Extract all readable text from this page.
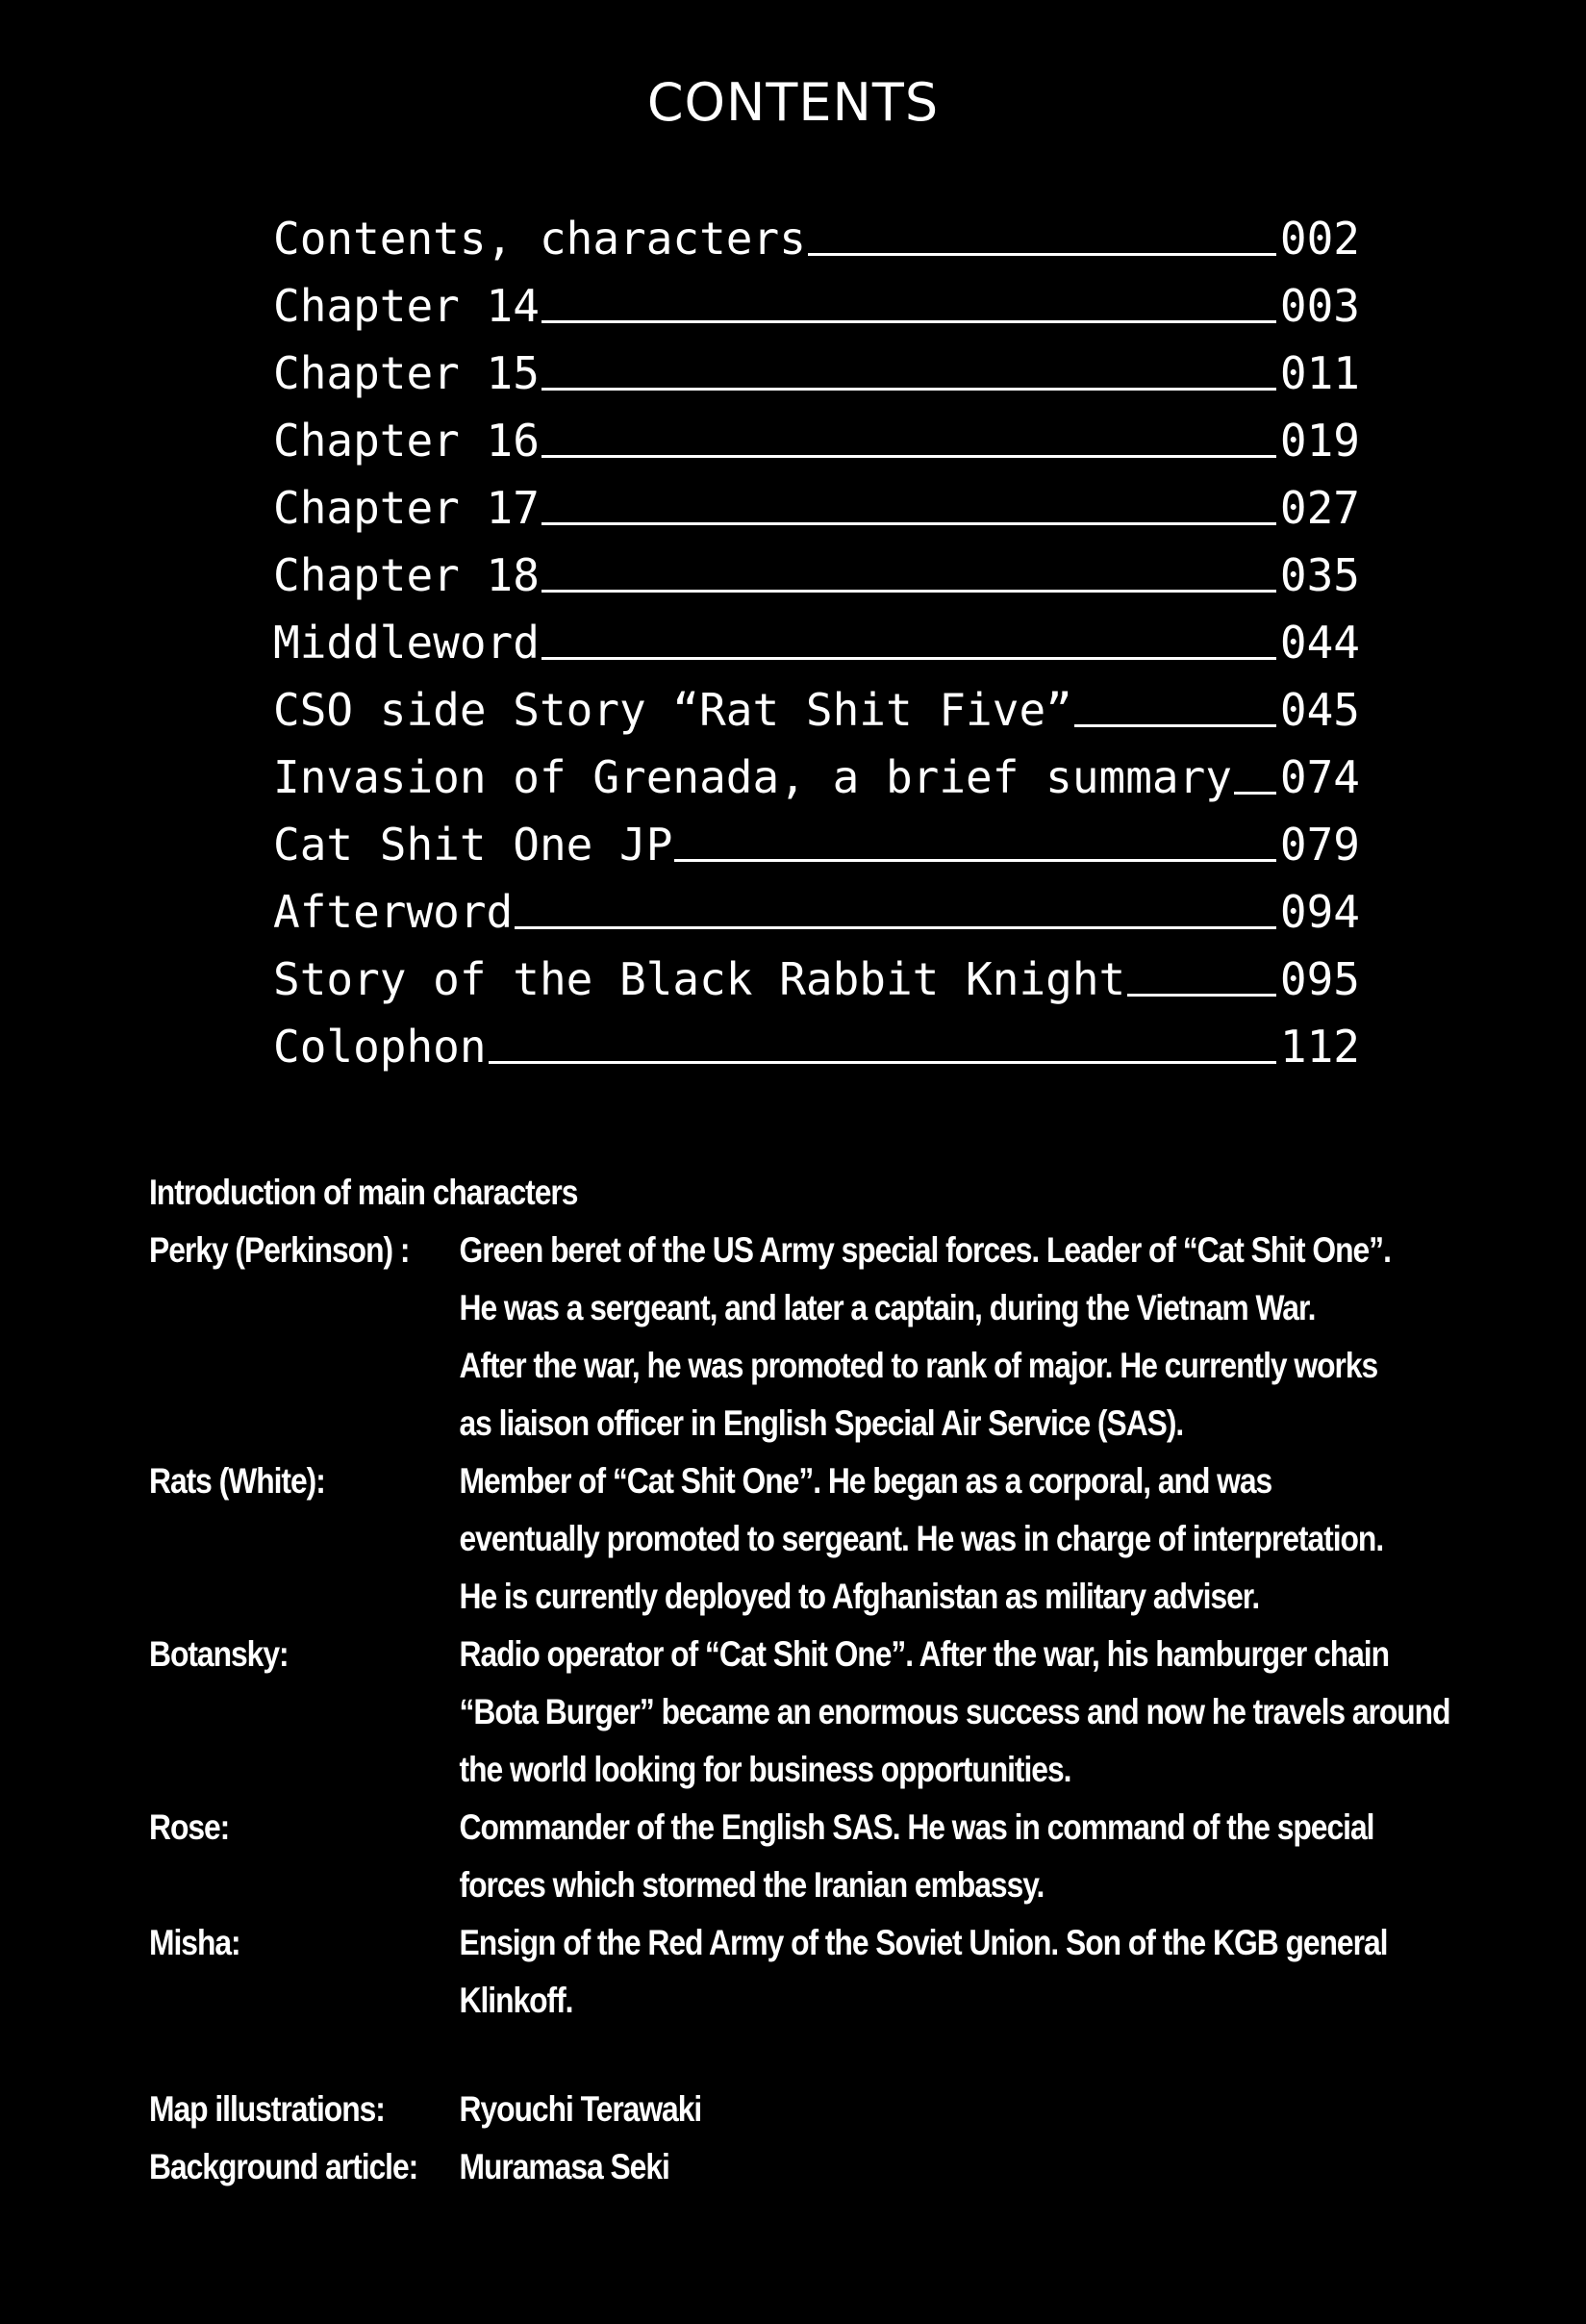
CONTENTS
Contents, characters	002
Chapter 14	003
Chapter 15	011
Chapter 16	019
Chapter 17	027
Chapter 18	035
Middleword	044
CSO side Story “Rat Shit Five”	045
Invasion of Grenada, a brief summary 074
Cat Shit One JP	079
Afterword	094
Story of the Black Rabbit Knight	095
Colophon	112
Introduction of main characters
Perky (Perkinson) :	Green beret of the US Army special forces. Leader of “Cat Shit One”.
He was a sergeant, and later a captain, during the Vietnam War.
After the war, he was promoted to rank of major. He currently works
as liaison officer in English Special Air Service (SAS).
Rats (White):	Member of “Cat Shit One”. He began as a corporal, and was
eventually promoted to sergeant. He was in charge of interpretation.
He is currently deployed to Afghanistan as military adviser.
Botansky:	Radio operator of “Cat Shit One”. After the war, his hamburger chain
“Bota Burger” became an enormous success and now he travels around
the world looking for business opportunities.
Rose:	Commander of the English SAS. He was in command of the special
forces which stormed the Iranian embassy.
Misha:	Ensign of the Red Army of the Soviet Union. Son of the KGB general
Klinkoff.
Map illustrations:	Ryouchi Terawaki
Background article:	Muramasa Seki
